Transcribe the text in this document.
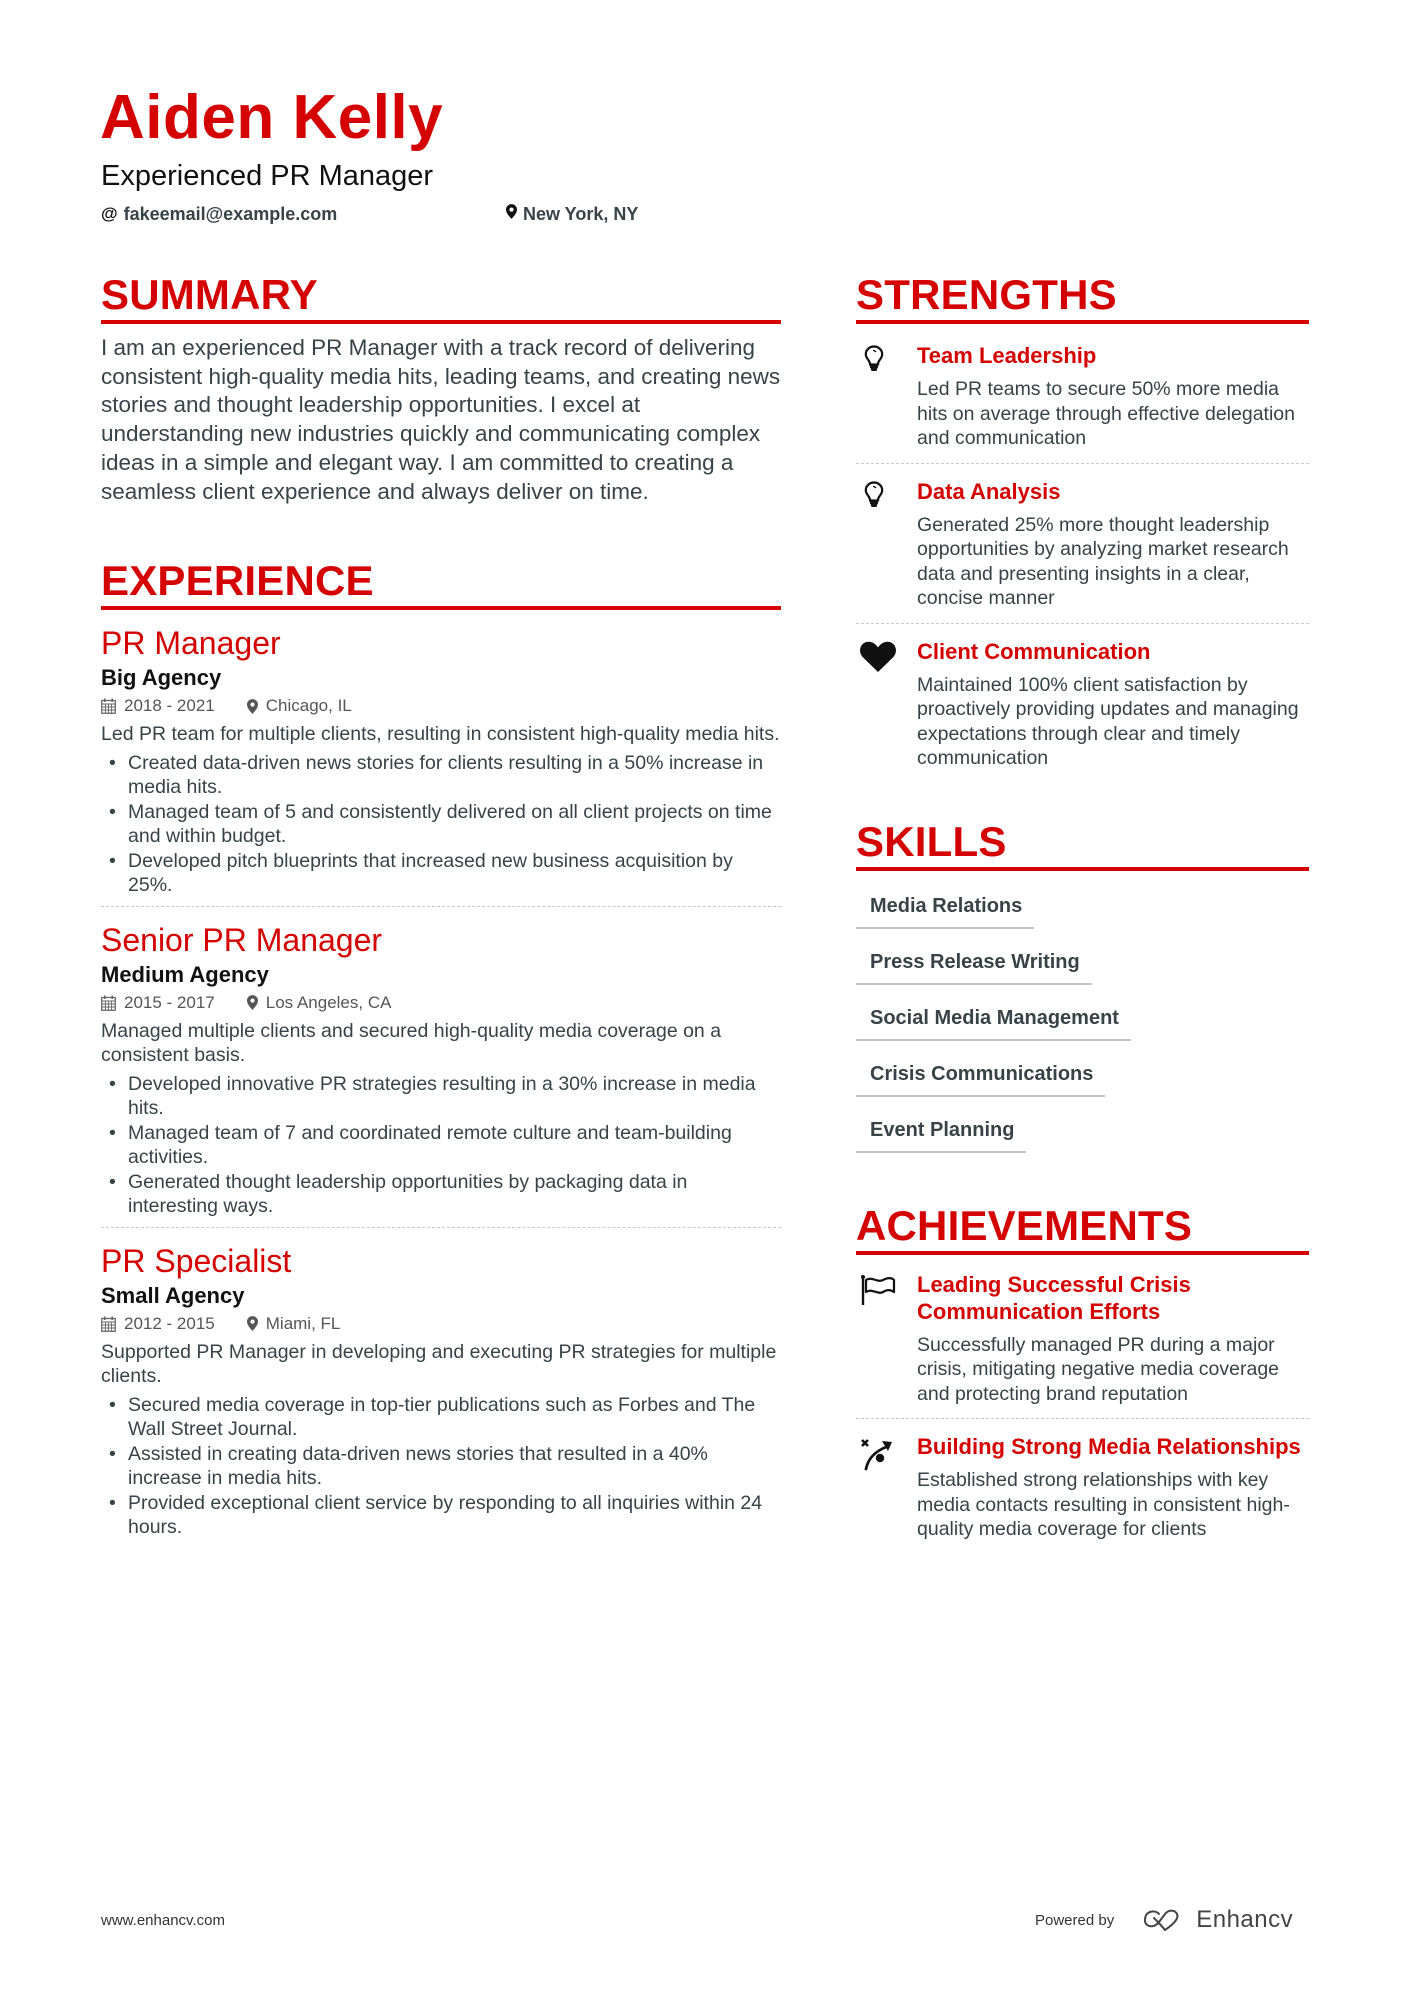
Aiden Kelly
Experienced PR Manager
@ fakeemail@example.com	New York, NY
SUMMARY

I am an experienced PR Manager with a track record of delivering consistent high-quality media hits, leading teams, and creating news stories and thought leadership opportunities. I excel at understanding new industries quickly and communicating complex ideas in a simple and elegant way. I am committed to creating a seamless client experience and always deliver on time.

EXPERIENCE
PR Manager
Big Agency
2018 - 2021	Chicago, IL
Led PR team for multiple clients, resulting in consistent high-quality media hits.
• Created data-driven news stories for clients resulting in a 50% increase in media hits.
• Managed team of 5 and consistently delivered on all client projects on time and within budget.
• Developed pitch blueprints that increased new business acquisition by 25%.
Senior PR Manager
Medium Agency
2015 - 2017	Los Angeles, CA
Managed multiple clients and secured high-quality media coverage on a consistent basis.
• Developed innovative PR strategies resulting in a 30% increase in media hits.
• Managed team of 7 and coordinated remote culture and team-building activities.
• Generated thought leadership opportunities by packaging data in interesting ways.
PR Specialist
Small Agency
2012 - 2015	Miami, FL
Supported PR Manager in developing and executing PR strategies for multiple clients.
• Secured media coverage in top-tier publications such as Forbes and The Wall Street Journal.
• Assisted in creating data-driven news stories that resulted in a 40% increase in media hits.
• Provided exceptional client service by responding to all inquiries within 24 hours.
STRENGTHS
Team Leadership
Led PR teams to secure 50% more media hits on average through effective delegation and communication
Data Analysis
Generated 25% more thought leadership opportunities by analyzing market research data and presenting insights in a clear, concise manner
Client Communication
Maintained 100% client satisfaction by proactively providing updates and managing expectations through clear and timely communication
SKILLS
Media Relations
Press Release Writing
Social Media Management
Crisis Communications
Event Planning
ACHIEVEMENTS
Leading Successful Crisis Communication Efforts
Successfully managed PR during a major crisis, mitigating negative media coverage and protecting brand reputation
Building Strong Media Relationships
Established strong relationships with key media contacts resulting in consistent high-quality media coverage for clients
www.enhancv.com	Powered by	Enhancv
